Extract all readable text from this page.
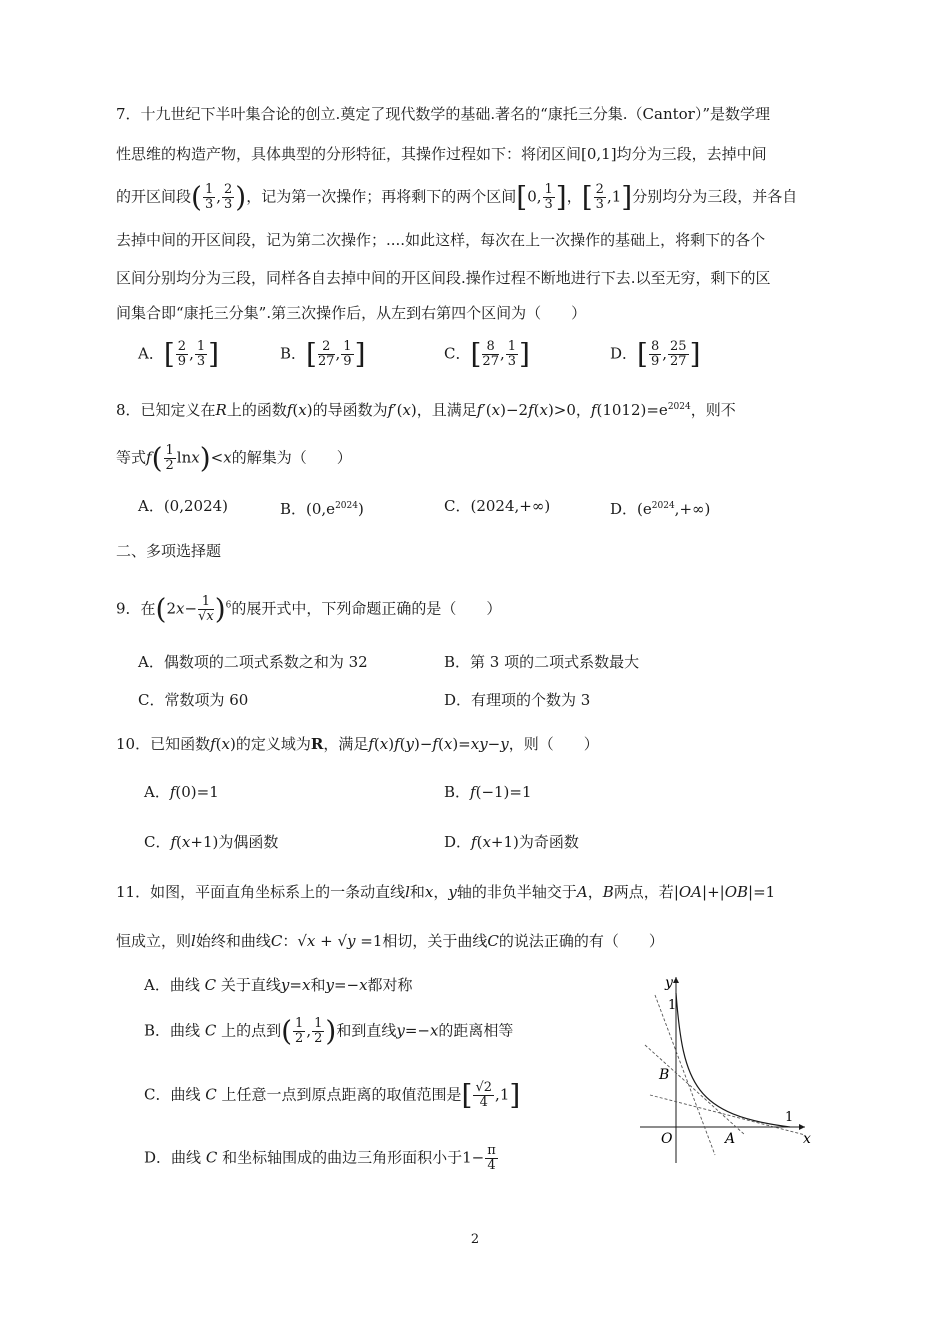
7．十九世纪下半叶集合论的创立.奠定了现代数学的基础.著名的“康托三分集.（Cantor）”是数学理
性思维的构造产物，具体典型的分形特征，其操作过程如下：将闭区间[0,1]均分为三段，去掉中间
的开区间段( $\frac{1}{3}$ , $\frac{2}{3}$ )，记为第一次操作；再将剩下的两个区间[0, $\frac{1}{3}$ ]，[ $\frac{2}{3} ,1$]分别均分为三段，并各自
去掉中间的开区间段，记为第二次操作；....如此这样，每次在上一次操作的基础上，将剩下的各个
区间分别均分为三段，同样各自去掉中间的开区间段.操作过程不断地进行下去.以至无穷，剩下的区
间集合即“康托三分集”.第三次操作后，从左到右第四个区间为（　　）
A．[ $\frac{2}{9}$ , $\frac{1}{3}$ ]	B．[ $\frac{2}{27}$ , $\frac{1}{9}$ ]	C．[ $\frac{8}{27}$ , $\frac{1}{3}$ ]	D．[ $\frac{8}{9}$ , $\frac{25}{27}$ ]
8．已知定义在R上的函数f(x)的导函数为f′(x)，且满足f′(x)−2f(x)>0，$f(1012)=e^{2024}$，则不
等式$f( \frac{1}{2} \ln x)<x$的解集为（　　）
A．(0,2024)	B．$(0,e^{2024})$	C．(2024,+∞)	D．$(e^{2024},+\infty)$
二、多项选择题
9．在$(2x- \frac{1}{√x} )^6$的展开式中，下列命题正确的是（　　）
A．偶数项的二项式系数之和为 32	B．第 3 项的二项式系数最大
C．常数项为 60	D．有理项的个数为 3
10．已知函数f(x)的定义域为R，满足f(x)f(y)−f(x)=xy−y，则（　　）
A．f(0)=1	B．f(−1)=1
C．f(x+1)为偶函数	D．f(x+1)为奇函数
11．如图，平面直角坐标系上的一条动直线l和x，y轴的非负半轴交于A，B两点，若|OA|+|OB|=1
恒成立，则l始终和曲线C：√x + √y =1相切，关于曲线C的说法正确的有（　　）
A．曲线 C 关于直线y=x和y=−x都对称
B．曲线 C 上的点到( $\frac{1}{2}$ , $\frac{1}{2}$ )和到直线y=−x的距离相等
C．曲线 C 上任意一点到原点距离的取值范围是[ $\frac{√2}{4} ,1$]
D．曲线 C 和坐标轴围成的曲边三角形面积小于$1- \frac{\pi}{4}$
y
x
O	A
B
1
1
2
